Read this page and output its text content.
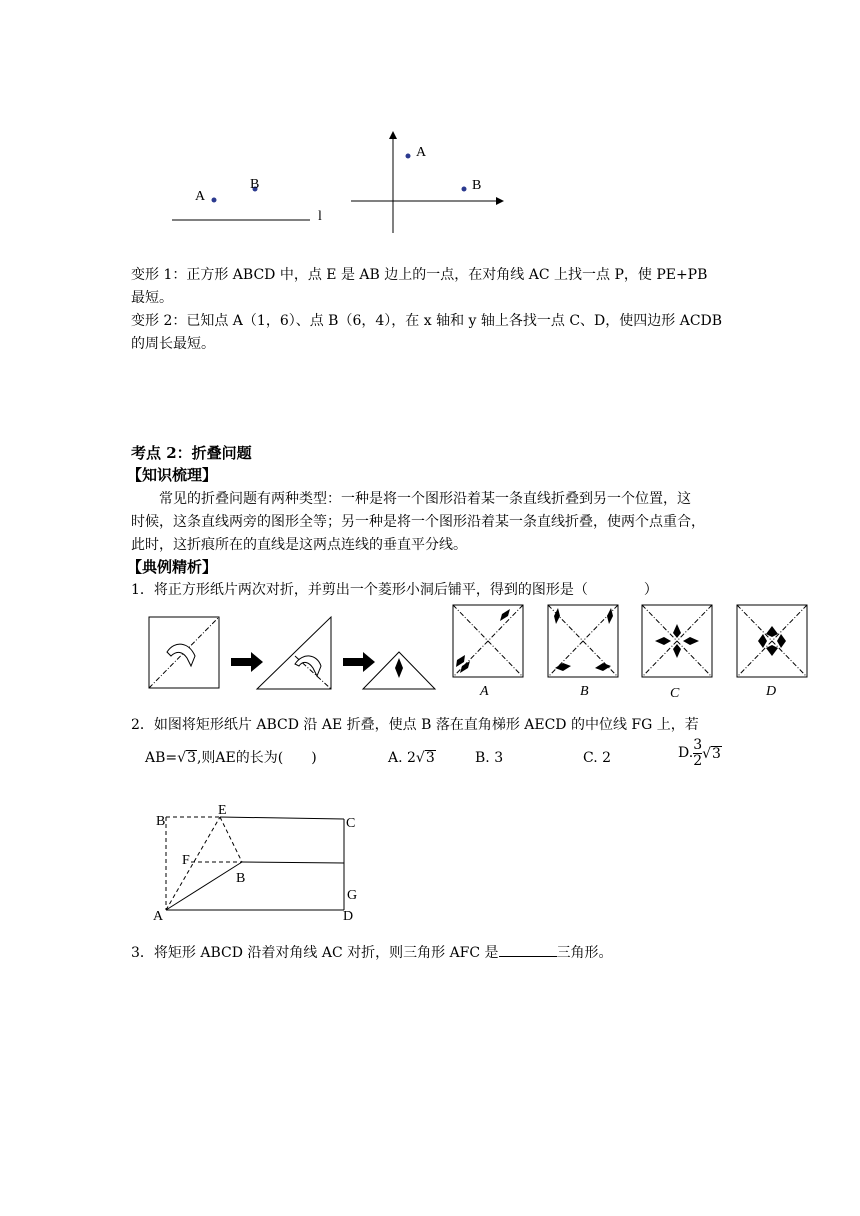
A
B
l
A
B
变形 1：正方形 ABCD 中，点 E 是 AB 边上的一点，在对角线 AC 上找一点 P，使 PE+PB
最短。
变形 2：已知点 A（1，6）、点 B（6，4），在 x 轴和 y 轴上各找一点 C、D，使四边形 ACDB
的周长最短。
考点 2：折叠问题
【知识梳理】
常见的折叠问题有两种类型：一种是将一个图形沿着某一条直线折叠到另一个位置，这
时候，这条直线两旁的图形全等；另一种是将一个图形沿着某一条直线折叠，使两个点重合，
此时，这折痕所在的直线是这两点连线的垂直平分线。
【典例精析】
1．将正方形纸片两次对折，并剪出一个菱形小洞后铺平，得到的图形是（　　　　）
A	B	C	D
2．如图将矩形纸片 ABCD 沿 AE 折叠，使点 B 落在直角梯形 AECD 的中位线 FG 上，若
AB=√3,则AE的长为(　　)	A. 2√3	B. 3	C. 2	D. $\frac{3}{2} √3$
B
E
C
F
B
G
A	D
3．将矩形 ABCD 沿着对角线 AC 对折，则三角形 AFC 是	三角形。
